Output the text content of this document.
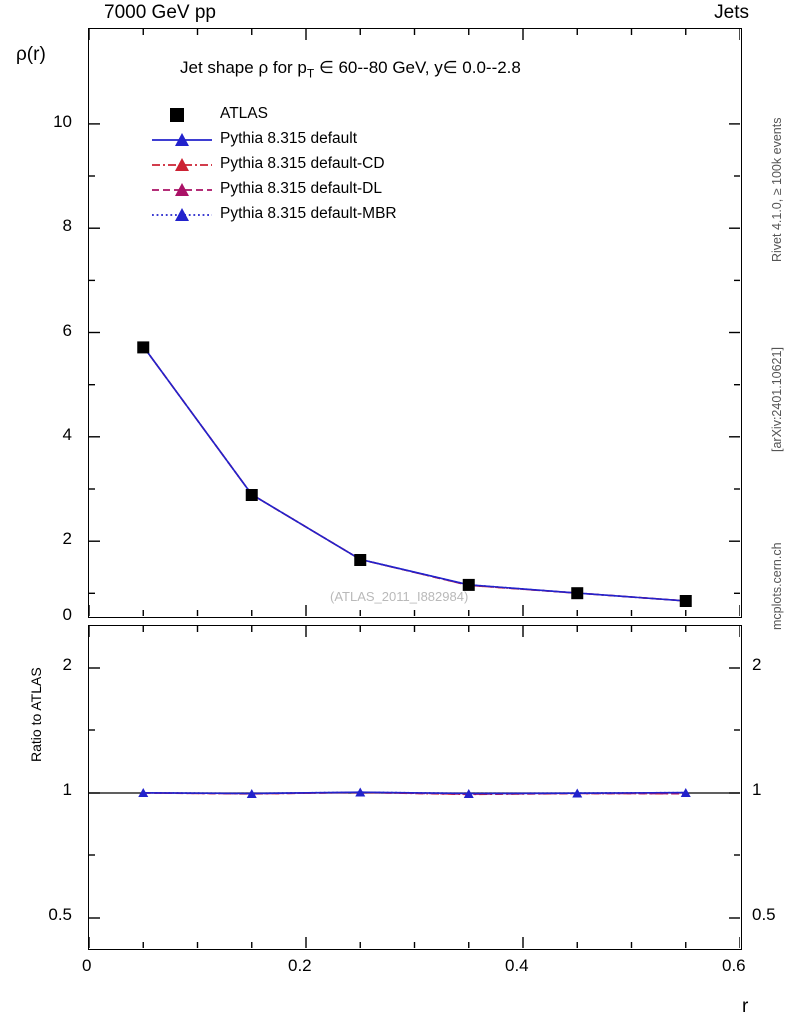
7000 GeV pp	Jets
Rivet 4.1.0, ≥ 100k events
[arXiv:2401.10621]
mcplots.cern.ch
ρ(r)
Ratio to ATLAS
r
Jet shape ρ for $p_T$ ∈ 60--80 GeV, y∈ 0.0--2.8
(ATLAS_2011_I882984)
10
8
6
4
2
0
ATLAS
Pythia 8.315 default
Pythia 8.315 default-CD
Pythia 8.315 default-DL
Pythia 8.315 default-MBR
2
1
0.5
2
1
0.5
0	0.2	0.4	0.6
